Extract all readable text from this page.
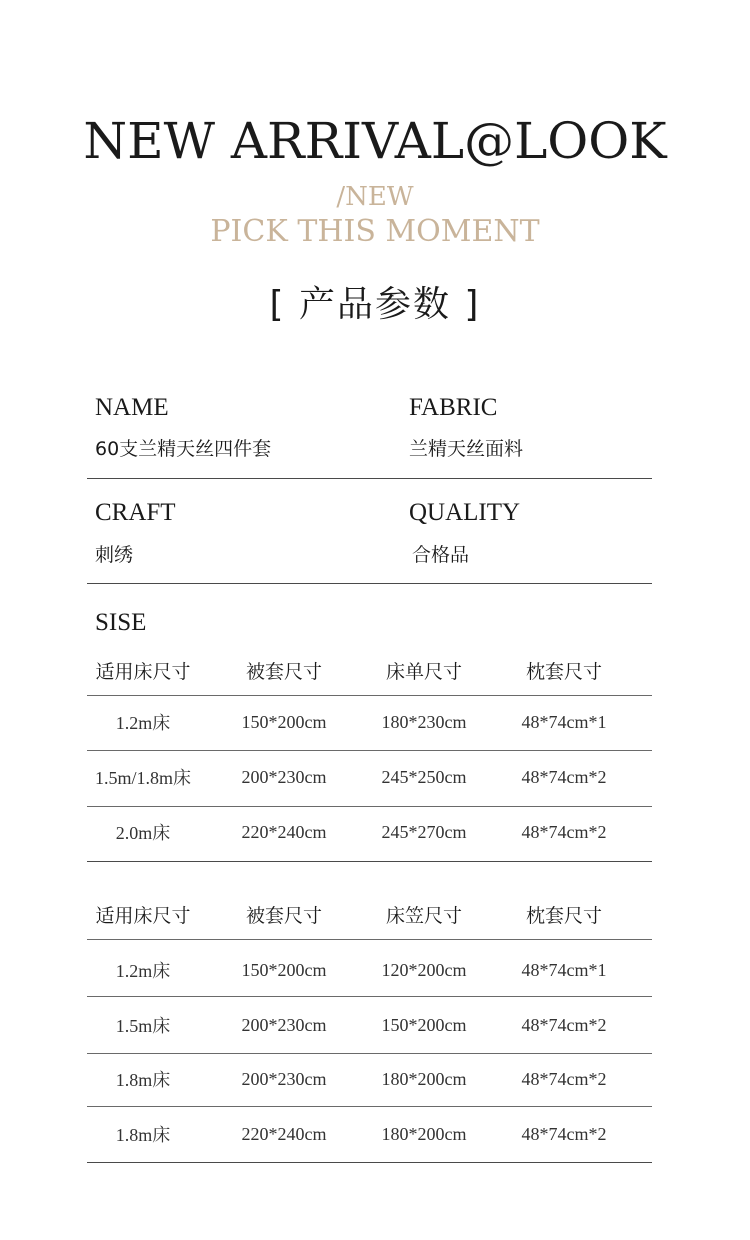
NEW ARRIVAL@LOOK
/NEW
PICK THIS MOMENT
[ 产品参数 ]
NAME
60支兰精天丝四件套
FABRIC
兰精天丝面料
CRAFT
刺绣
QUALITY
合格品
SISE
适用床尺寸	被套尺寸	床单尺寸	枕套尺寸
1.2m床	150*200cm	180*230cm	48*74cm*1
1.5m/1.8m床	200*230cm	245*250cm	48*74cm*2
2.0m床	220*240cm	245*270cm	48*74cm*2
适用床尺寸	被套尺寸	床笠尺寸	枕套尺寸
1.2m床	150*200cm	120*200cm	48*74cm*1
1.5m床	200*230cm	150*200cm	48*74cm*2
1.8m床	200*230cm	180*200cm	48*74cm*2
1.8m床	220*240cm	180*200cm	48*74cm*2
